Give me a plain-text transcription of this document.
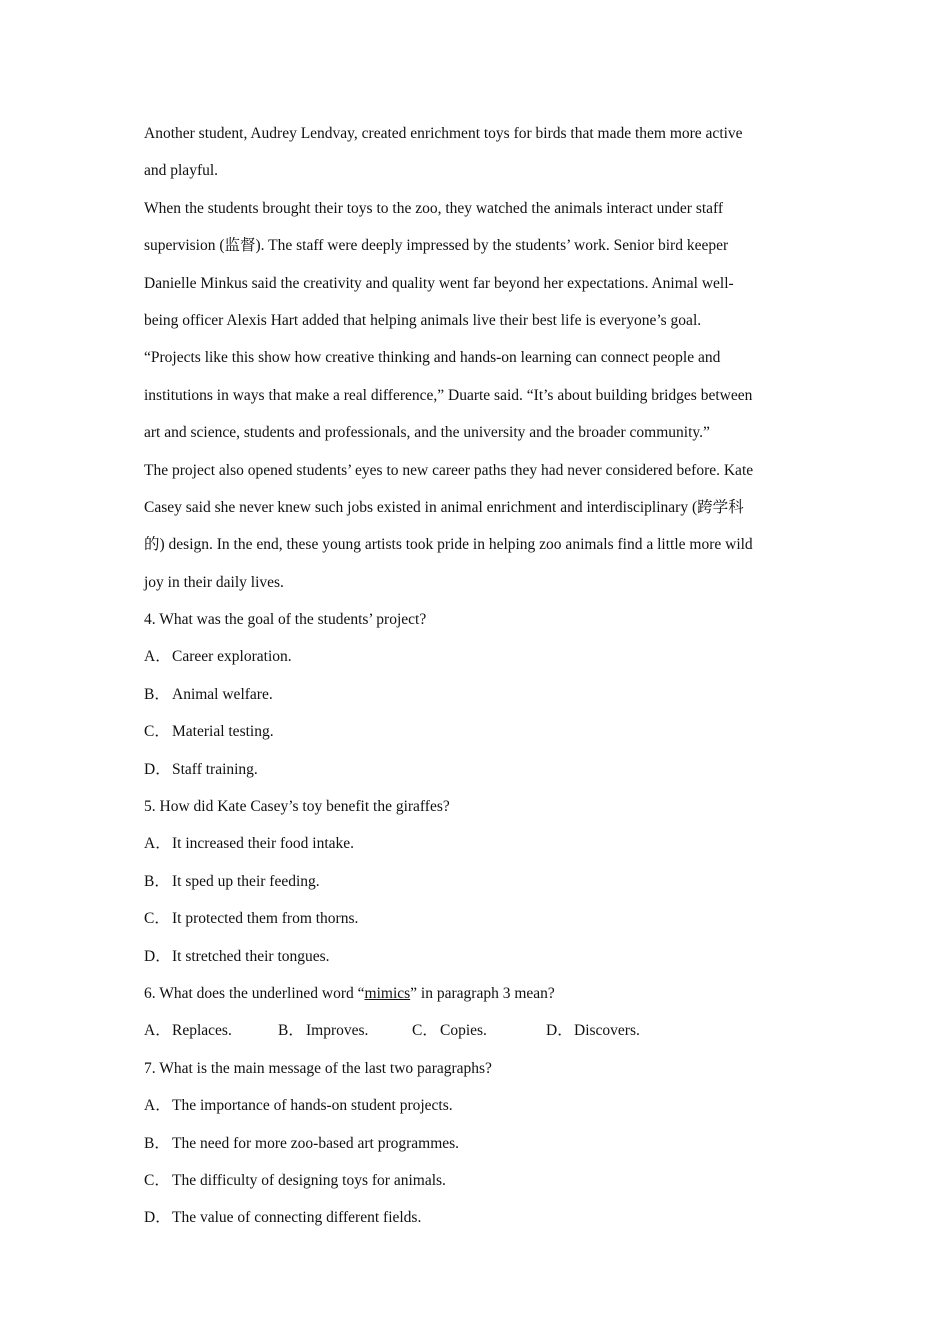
Another student, Audrey Lendvay, created enrichment toys for birds that made them more active
and playful.
When the students brought their toys to the zoo, they watched the animals interact under staff
supervision (监督). The staff were deeply impressed by the students’ work. Senior bird keeper
Danielle Minkus said the creativity and quality went far beyond her expectations. Animal well-
being officer Alexis Hart added that helping animals live their best life is everyone’s goal.
“Projects like this show how creative thinking and hands-on learning can connect people and
institutions in ways that make a real difference,” Duarte said. “It’s about building bridges between
art and science, students and professionals, and the university and the broader community.”
The project also opened students’ eyes to new career paths they had never considered before. Kate
Casey said she never knew such jobs existed in animal enrichment and interdisciplinary (跨学科
的) design. In the end, these young artists took pride in helping zoo animals find a little more wild
joy in their daily lives.
4. What was the goal of the students’ project?
A．Career exploration.
B． Animal welfare.
C． Material testing.
D．Staff training.
5. How did Kate Casey’s toy benefit the giraffes?
A．It increased their food intake.
B． It sped up their feeding.
C． It protected them from thorns.
D．It stretched their tongues.
6. What does the underlined word “mimics” in paragraph 3 mean?
A．Replaces.	B． Improves.	C． Copies.	D．Discovers.
7. What is the main message of the last two paragraphs?
A．The importance of hands-on student projects.
B． The need for more zoo-based art programmes.
C． The difficulty of designing toys for animals.
D．The value of connecting different fields.
